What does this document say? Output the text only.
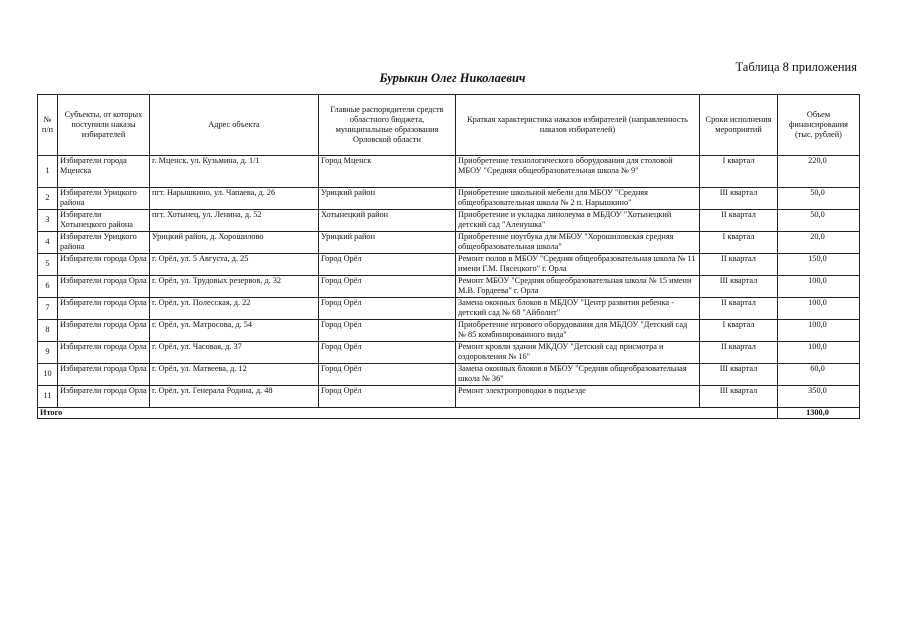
Таблица 8 приложения
Бурыкин Олег Николаевич
№ п/п	Субъекты, от которых поступили наказы избирателей	Адрес объекта	Главные распорядители средств областного бюджета, муниципальные образования Орловской области	Краткая характеристика наказов избирателей (направленность наказов избирателей)	Сроки исполнения мероприятий	Объем финансирования (тыс. рублей)
1	Избиратели города Мценска	г. Мценск, ул. Кузьмина, д. 1/1	Город Мценск	Приобретение технологического оборудования для столовой МБОУ "Средняя общеобразовательная школа № 9"	I квартал	220,0
2	Избиратели Урицкого района	пгт. Нарышкино, ул. Чапаева, д. 26	Урицкий район	Приобретение школьной мебели для МБОУ "Средняя общеобразовательная школа № 2 п. Нарышкино"	III квартал	50,0
3	Избиратели Хотынецкого района	пгт. Хотынец, ул. Ленина, д. 52	Хотынецкий район	Приобретение и укладка линолеума в МБДОУ "Хотынецкий детский сад "Аленушка"	II квартал	50,0
4	Избиратели Урицкого района	Урицкий район, д. Хорошилово	Урицкий район	Приобретение ноутбука для МБОУ "Хорошиловская средняя общеобразовательная школа"	I квартал	20,0
5	Избиратели города Орла	г. Орёл, ул. 5 Августа, д. 25	Город Орёл	Ремонт полов в МБОУ "Средняя общеобразовательная школа № 11 имени Г.М. Пясецкого" г. Орла	II квартал	150,0
6	Избиратели города Орла	г. Орёл, ул. Трудовых резервов, д. 32	Город Орёл	Ремонт МБОУ "Средняя общеобразовательная школа № 15 имени М.В. Гордеева" г. Орла	III квартал	100,0
7	Избиратели города Орла	г. Орёл, ул. Полесская, д. 22	Город Орёл	Замена оконных блоков в МБДОУ "Центр развития ребенка - детский сад № 68 "Айболит"	II квартал	100,0
8	Избиратели города Орла	г. Орёл, ул. Матросова, д. 54	Город Орёл	Приобретение игрового оборудования для МБДОУ "Детский сад № 85 комбинированного вида"	I квартал	100,0
9	Избиратели города Орла	г. Орёл, ул. Часовая, д. 37	Город Орёл	Ремонт кровли здания МКДОУ "Детский сад присмотра и оздоровления № 16"	II квартал	100,0
10	Избиратели города Орла	г. Орёл, ул. Матвеева, д. 12	Город Орёл	Замена оконных блоков в МБОУ "Средняя общеобразовательная школа № 36"	III квартал	60,0
11	Избиратели города Орла	г. Орёл, ул. Генерала Родина, д. 48	Город Орёл	Ремонт электропроводки в подъезде	III квартал	350,0
Итого						1300,0
